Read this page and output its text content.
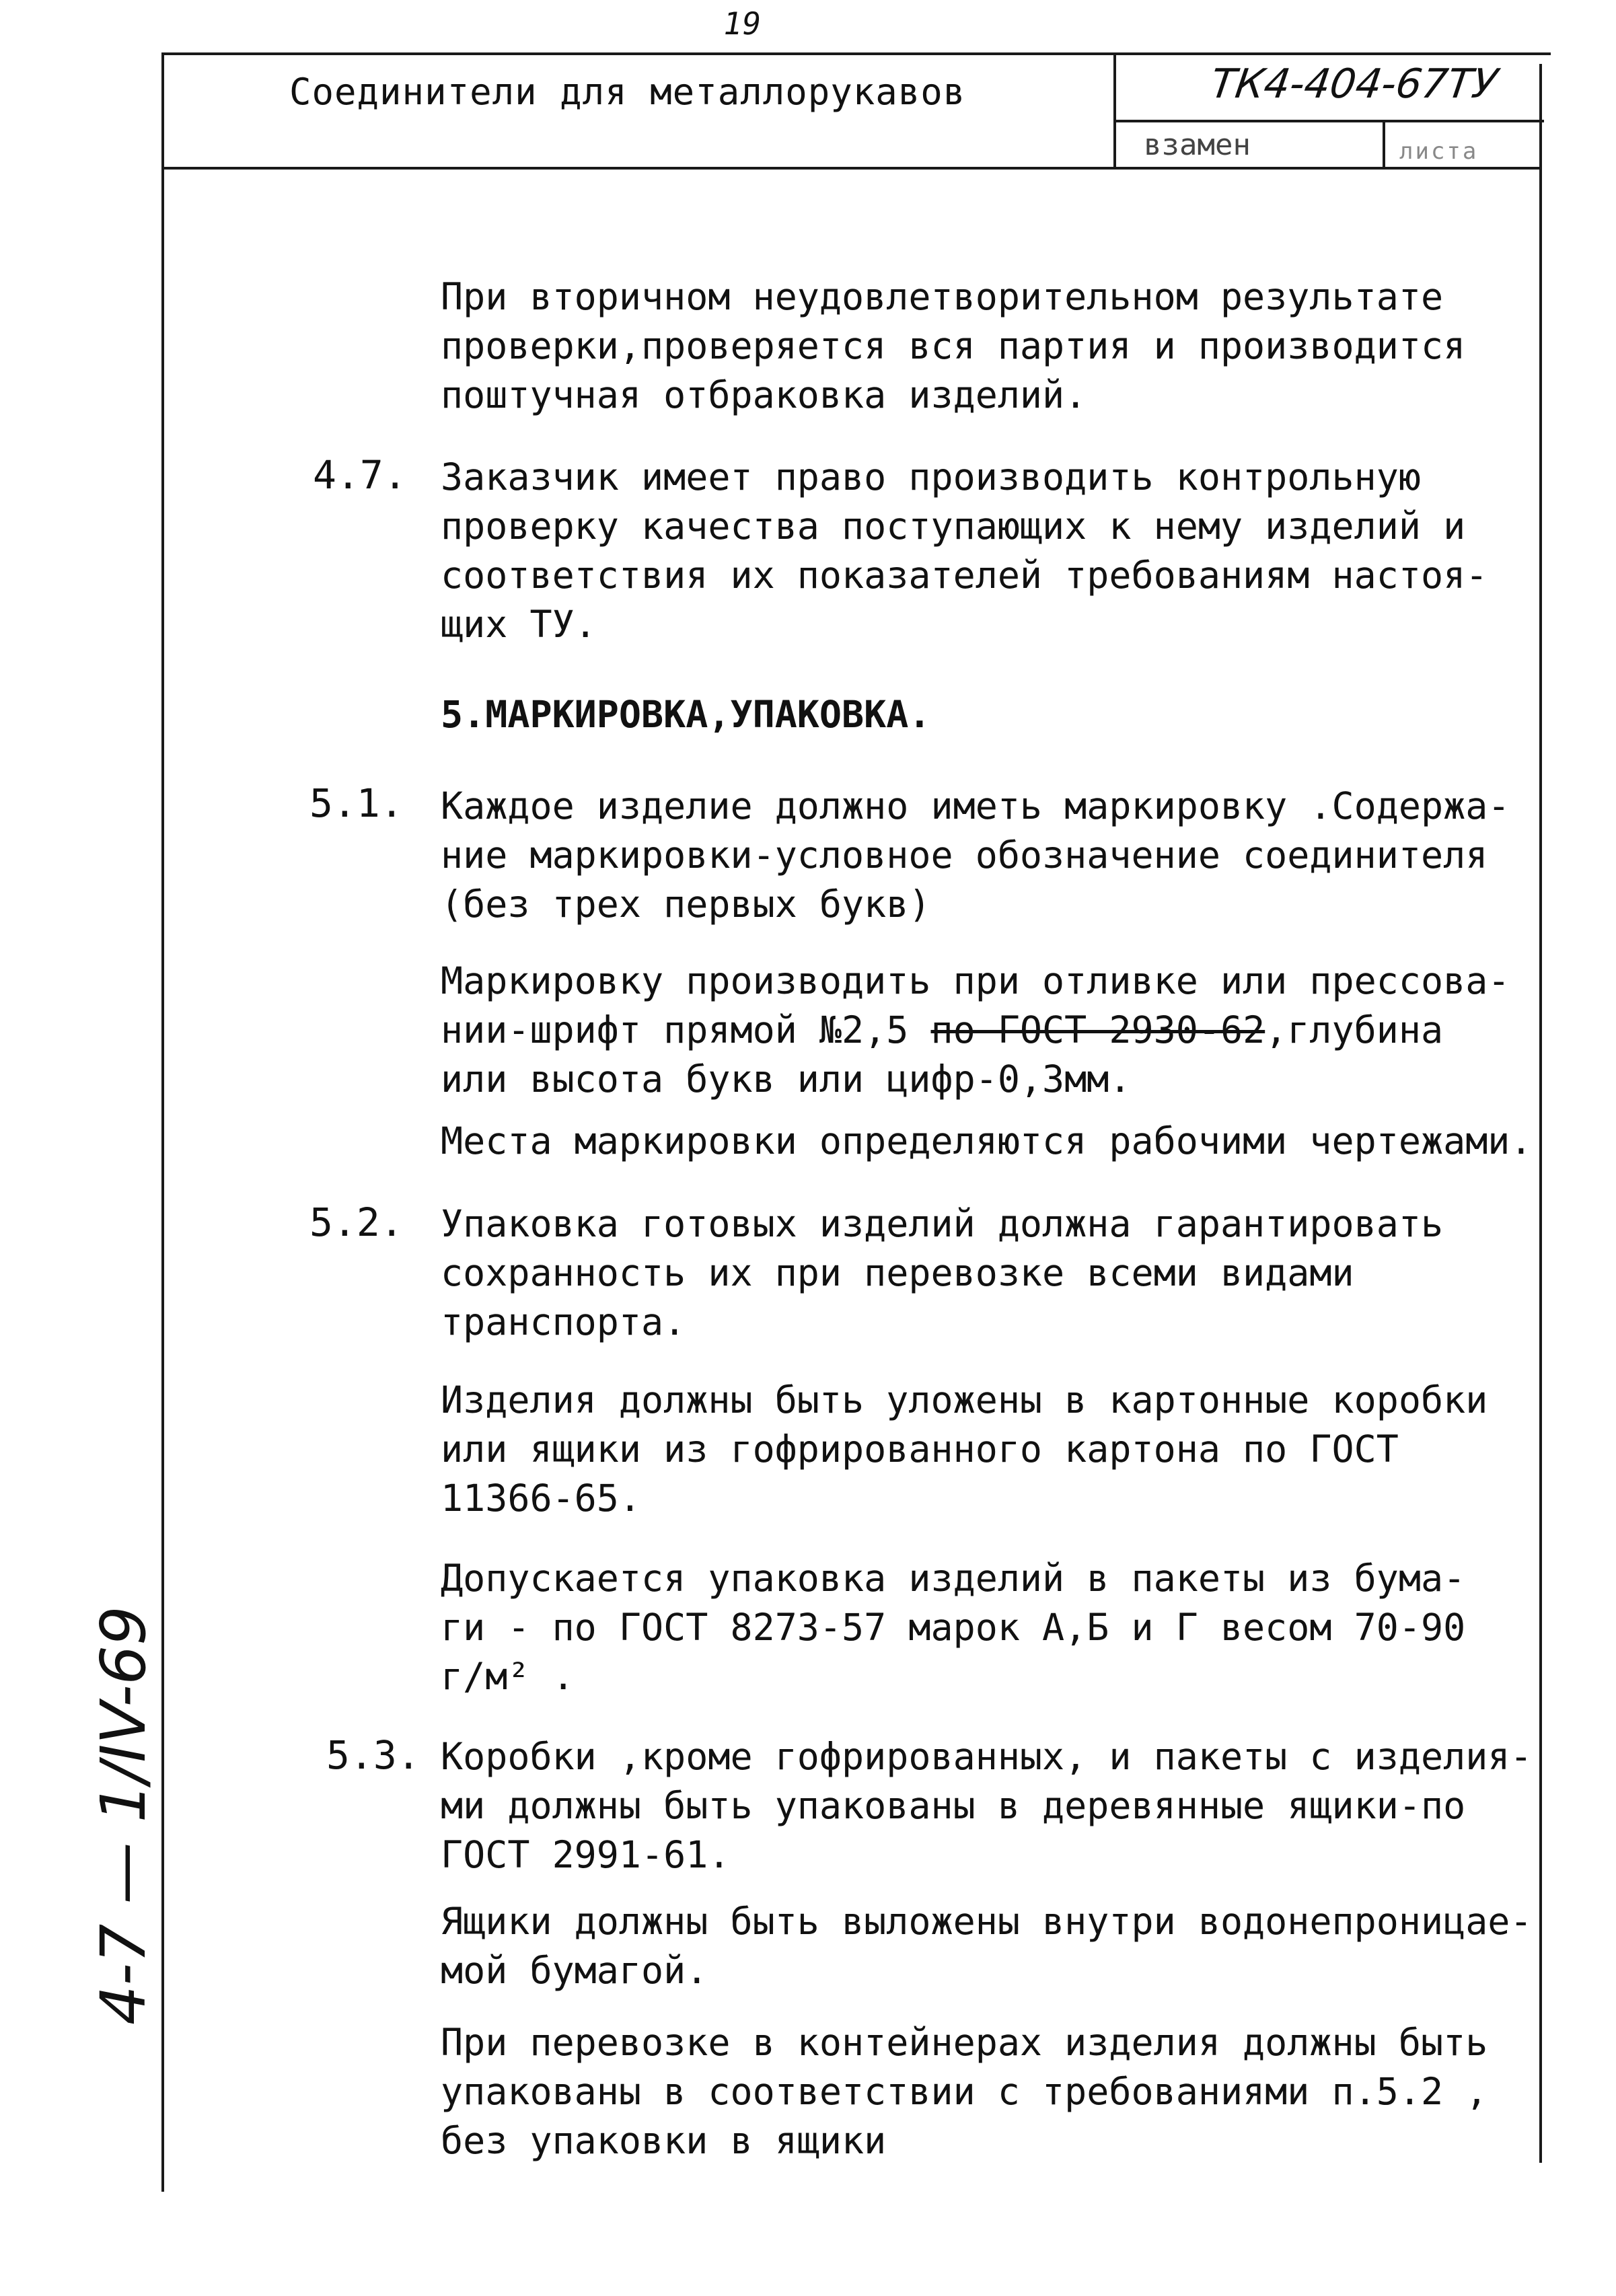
19
Соединители для металлорукавов	ТК4-404-67ТУ
взамен	листа
При вторичном неудовлетворительном результате
проверки,проверяется вся партия и производится
поштучная отбраковка изделий.
4.7. Заказчик имеет право производить контрольную
проверку качества поступающих к нему изделий и
соответствия их показателей требованиям настоя-
щих ТУ.
5.МАРКИРОВКА,УПАКОВКА.
5.1. Каждое изделие должно иметь маркировку .Содержа-
ние маркировки-условное обозначение соединителя
(без трех первых букв)
Маркировку производить при отливке или прессова-
нии-шрифт прямой №2,5 по ГОСТ 2930-62,глубина
или высота букв или цифр-0,3мм.
Места маркировки определяются рабочими чертежами.
5.2. Упаковка готовых изделий должна гарантировать
сохранность их при перевозке всеми видами
транспорта.
Изделия должны быть уложены в картонные коробки
или ящики из гофрированного картона по ГОСТ
11366-65.
Допускается упаковка изделий в пакеты из бума-
ги - по ГОСТ 8273-57 марок А,Б и Г весом 70-90
г/м² .
5.3. Коробки ,кроме гофрированных, и пакеты с изделия-
ми должны быть упакованы в деревянные ящики-по
ГОСТ 2991-61.
Ящики должны быть выложены внутри водонепроницае-
мой бумагой.
При перевозке в контейнерах изделия должны быть
упакованы в соответствии с требованиями п.5.2 ,
без упаковки в ящики
4-7 — 1/IV-69
